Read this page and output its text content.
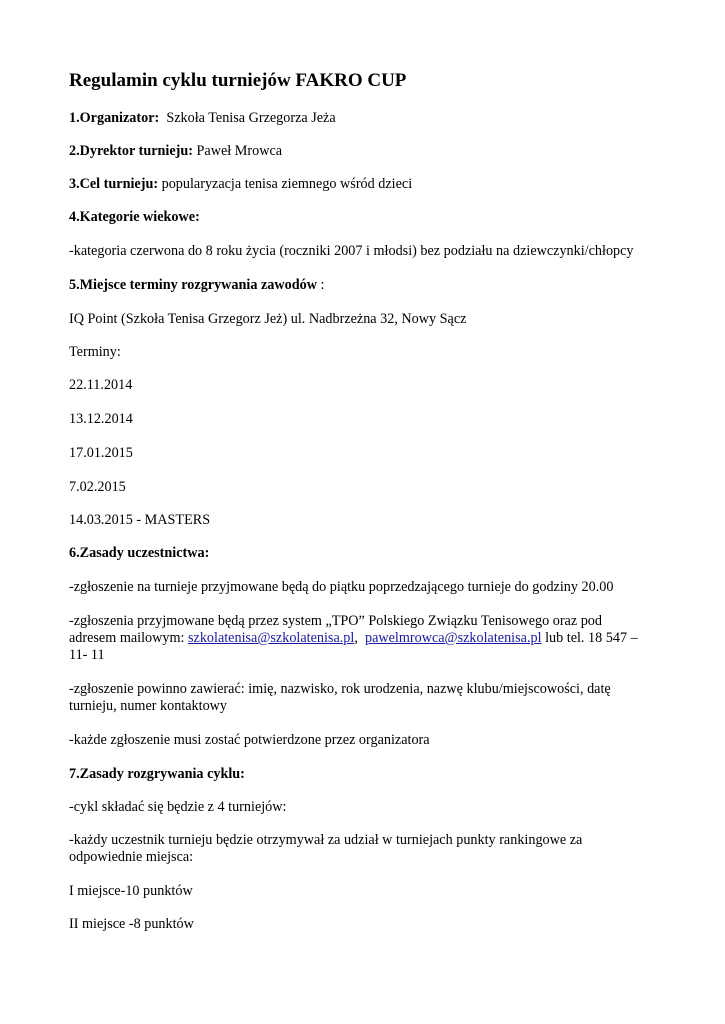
Regulamin cyklu turniejów FAKRO CUP

1.Organizator: Szkoła Tenisa Grzegorza Jeża

2.Dyrektor turnieju: Paweł Mrowca

3.Cel turnieju: popularyzacja tenisa ziemnego wśród dzieci

4.Kategorie wiekowe:

-kategoria czerwona do 8 roku życia (roczniki 2007 i młodsi) bez podziału na dziewczynki/chłopcy

5.Miejsce terminy rozgrywania zawodów :

IQ Point (Szkoła Tenisa Grzegorz Jeż) ul. Nadbrzeżna 32, Nowy Sącz

Terminy:

22.11.2014

13.12.2014

17.01.2015

7.02.2015

14.03.2015 - MASTERS

6.Zasady uczestnictwa:

-zgłoszenie na turnieje przyjmowane będą do piątku poprzedzającego turnieje do godziny 20.00

-zgłoszenia przyjmowane będą przez system „TPO” Polskiego Związku Tenisowego oraz pod
adresem mailowym: szkolatenisa@szkolatenisa.pl, pawelmrowca@szkolatenisa.pl lub tel. 18 547 –
11- 11
-zgłoszenie powinno zawierać: imię, nazwisko, rok urodzenia, nazwę klubu/miejscowości, datę
turnieju, numer kontaktowy

-każde zgłoszenie musi zostać potwierdzone przez organizatora

7.Zasady rozgrywania cyklu:

-cykl składać się będzie z 4 turniejów:

-każdy uczestnik turnieju będzie otrzymywał za udział w turniejach punkty rankingowe za
odpowiednie miejsca:

I miejsce-10 punktów

II miejsce -8 punktów
